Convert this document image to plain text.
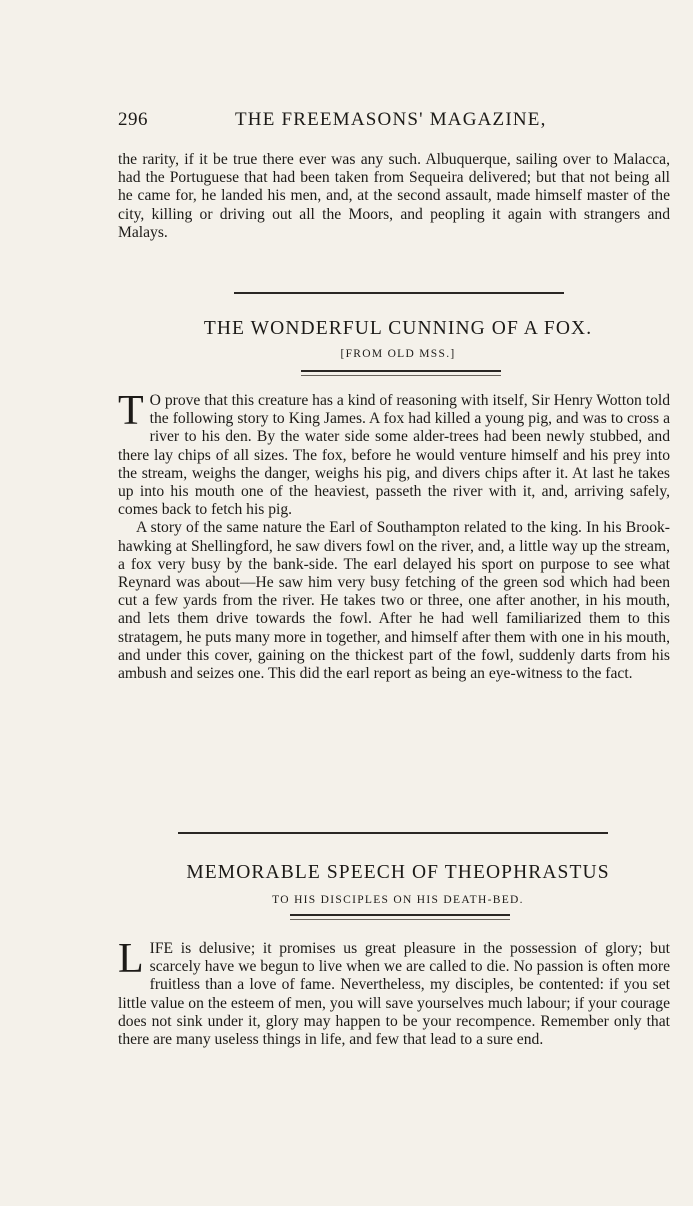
296	THE FREEMASONS' MAGAZINE,
the rarity, if it be true there ever was any such. Albuquerque, sailing over to Malacca, had the Portuguese that had been taken from Sequeira delivered; but that not being all he came for, he landed his men, and, at the second assault, made himself master of the city, killing or driving out all the Moors, and peopling it again with strangers and Malays.
THE WONDERFUL CUNNING OF A FOX.
[FROM OLD MSS.]
T O prove that this creature has a kind of reasoning with itself, Sir Henry Wotton told the following story to King James. A fox had killed a young pig, and was to cross a river to his den. By the water side some alder-trees had been newly stubbed, and there lay chips of all sizes. The fox, before he would venture himself and his prey into the stream, weighs the danger, weighs his pig, and divers chips after it. At last he takes up into his mouth one of the heaviest, passeth the river with it, and, arriving safely, comes back to fetch his pig.
A story of the same nature the Earl of Southampton related to the king. In his Brook-hawking at Shellingford, he saw divers fowl on the river, and, a little way up the stream, a fox very busy by the bank-side. The earl delayed his sport on purpose to see what Reynard was about—He saw him very busy fetching of the green sod which had been cut a few yards from the river. He takes two or three, one after another, in his mouth, and lets them drive towards the fowl. After he had well familiarized them to this stratagem, he puts many more in together, and himself after them with one in his mouth, and under this cover, gaining on the thickest part of the fowl, suddenly darts from his ambush and seizes one. This did the earl report as being an eye-witness to the fact.
MEMORABLE SPEECH OF THEOPHRASTUS
TO HIS DISCIPLES ON HIS DEATH-BED.
LIFE is delusive; it promises us great pleasure in the possession of glory; but scarcely have we begun to live when we are called to die. No passion is often more fruitless than a love of fame. Nevertheless, my disciples, be contented: if you set little value on the esteem of men, you will save yourselves much labour; if your courage does not sink under it, glory may happen to be your recompence. Remember only that there are many useless things in life, and few that lead to a sure end.
